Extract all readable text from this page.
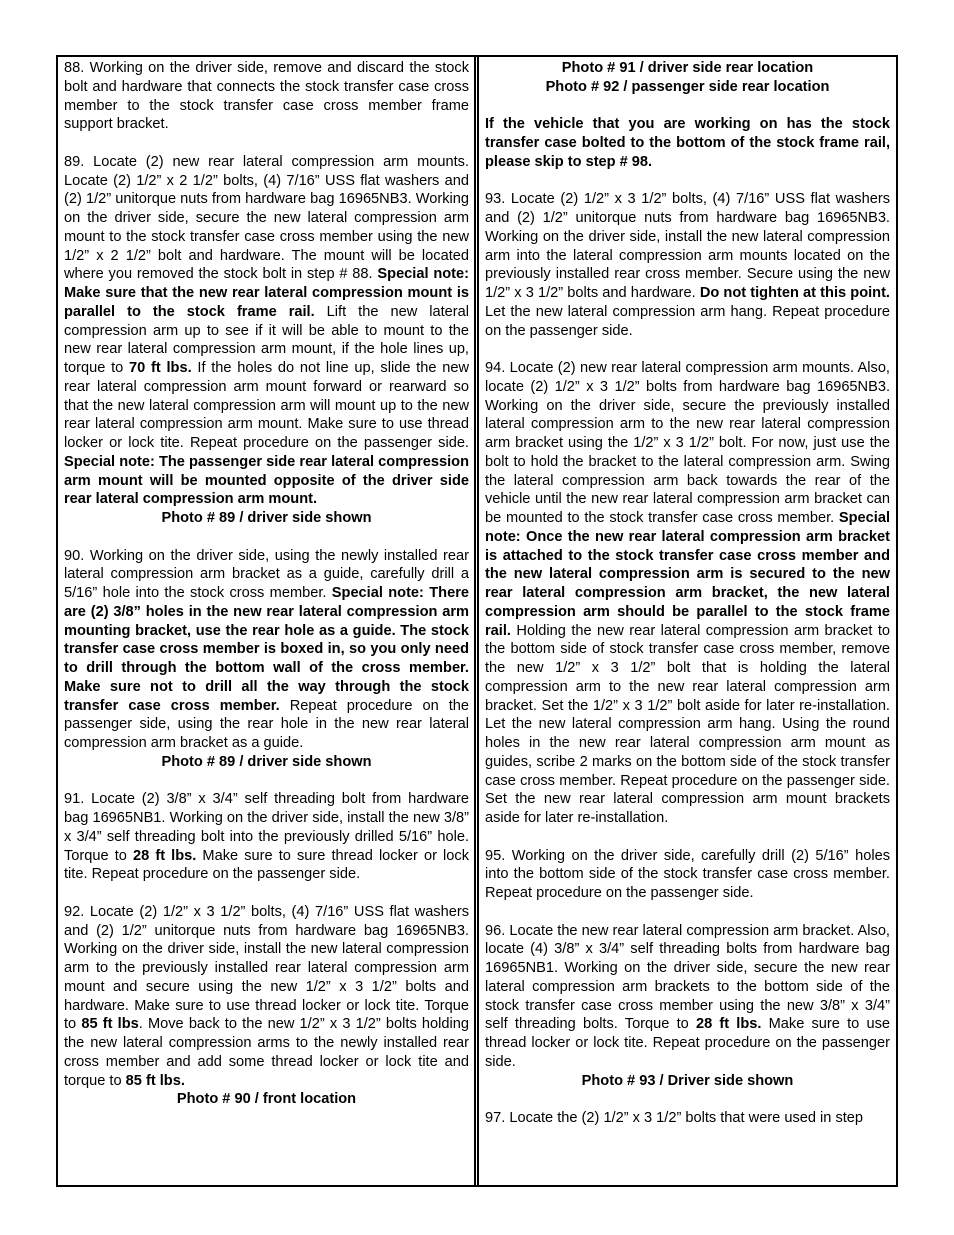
88. Working on the driver side, remove and discard the stock bolt and hardware that connects the stock transfer case cross member to the stock transfer case cross member frame support bracket.

89. Locate (2) new rear lateral compression arm mounts. Locate (2) 1/2” x 2 1/2” bolts, (4) 7/16” USS flat washers and (2) 1/2” unitorque nuts from hardware bag 16965NB3. Working on the driver side, secure the new lateral compression arm mount to the stock transfer case cross member using the new 1/2” x 2 1/2” bolt and hardware. The mount will be located where you removed the stock bolt in step # 88. Special note: Make sure that the new rear lateral compression mount is parallel to the stock frame rail. Lift the new lateral compression arm up to see if it will be able to mount to the new rear lateral compression arm mount, if the hole lines up, torque to 70 ft lbs. If the holes do not line up, slide the new rear lateral compression arm mount forward or rearward so that the new lateral compression arm will mount up to the new rear lateral compression arm mount. Make sure to use thread locker or lock tite. Repeat procedure on the passenger side. Special note: The passenger side rear lateral compression arm mount will be mounted opposite of the driver side rear lateral compression arm mount.

Photo # 89 / driver side shown

90. Working on the driver side, using the newly installed rear lateral compression arm bracket as a guide, carefully drill a 5/16” hole into the stock cross member. Special note: There are (2) 3/8” holes in the new rear lateral compression arm mounting bracket, use the rear hole as a guide. The stock transfer case cross member is boxed in, so you only need to drill through the bottom wall of the cross member. Make sure not to drill all the way through the stock transfer case cross member. Repeat procedure on the passenger side, using the rear hole in the new rear lateral compression arm bracket as a guide.

Photo # 89 / driver side shown

91. Locate (2) 3/8” x 3/4” self threading bolt from hardware bag 16965NB1. Working on the driver side, install the new 3/8” x 3/4” self threading bolt into the previously drilled 5/16” hole. Torque to 28 ft lbs. Make sure to sure thread locker or lock tite. Repeat procedure on the passenger side.

92. Locate (2) 1/2” x 3 1/2” bolts, (4) 7/16” USS flat washers and (2) 1/2” unitorque nuts from hardware bag 16965NB3. Working on the driver side, install the new lateral compression arm to the previously installed rear lateral compression arm mount and secure using the new 1/2” x 3 1/2” bolts and hardware. Make sure to use thread locker or lock tite. Torque to 85 ft lbs. Move back to the new 1/2” x 3 1/2” bolts holding the new lateral compression arms to the newly installed rear cross member and add some thread locker or lock tite and torque to 85 ft lbs.

Photo # 90 / front location

Photo # 91 / driver side rear location

Photo # 92 / passenger side rear location

If the vehicle that you are working on has the stock transfer case bolted to the bottom of the stock frame rail, please skip to step # 98.

93. Locate (2) 1/2” x 3 1/2” bolts, (4) 7/16” USS flat washers and (2) 1/2” unitorque nuts from hardware bag 16965NB3. Working on the driver side, install the new lateral compression arm into the lateral compression arm mounts located on the previously installed rear cross member. Secure using the new 1/2” x 3 1/2” bolts and hardware. Do not tighten at this point. Let the new lateral compression arm hang. Repeat procedure on the passenger side.

94. Locate (2) new rear lateral compression arm mounts. Also, locate (2) 1/2” x 3 1/2” bolts from hardware bag 16965NB3. Working on the driver side, secure the previously installed lateral compression arm to the new rear lateral compression arm bracket using the 1/2” x 3 1/2” bolt. For now, just use the bolt to hold the bracket to the lateral compression arm. Swing the lateral compression arm back towards the rear of the vehicle until the new rear lateral compression arm bracket can be mounted to the stock transfer case cross member. Special note: Once the new rear lateral compression arm bracket is attached to the stock transfer case cross member and the new lateral compression arm is secured to the new rear lateral compression arm bracket, the new lateral compression arm should be parallel to the stock frame rail. Holding the new rear lateral compression arm bracket to the bottom side of stock transfer case cross member, remove the new 1/2” x 3 1/2” bolt that is holding the lateral compression arm to the new rear lateral compression arm bracket. Set the 1/2” x 3 1/2” bolt aside for later re-installation. Let the new lateral compression arm hang. Using the round holes in the new rear lateral compression arm mount as guides, scribe 2 marks on the bottom side of the stock transfer case cross member. Repeat procedure on the passenger side. Set the new rear lateral compression arm mount brackets aside for later re-installation.

95. Working on the driver side, carefully drill (2) 5/16” holes into the bottom side of the stock transfer case cross member. Repeat procedure on the passenger side.

96. Locate the new rear lateral compression arm bracket. Also, locate (4) 3/8” x 3/4” self threading bolts from hardware bag 16965NB1. Working on the driver side, secure the new rear lateral compression arm brackets to the bottom side of the stock transfer case cross member using the new 3/8” x 3/4” self threading bolts. Torque to 28 ft lbs. Make sure to use thread locker or lock tite. Repeat procedure on the passenger side.

Photo # 93 / Driver side shown

97. Locate the (2) 1/2” x 3 1/2” bolts that were used in step
